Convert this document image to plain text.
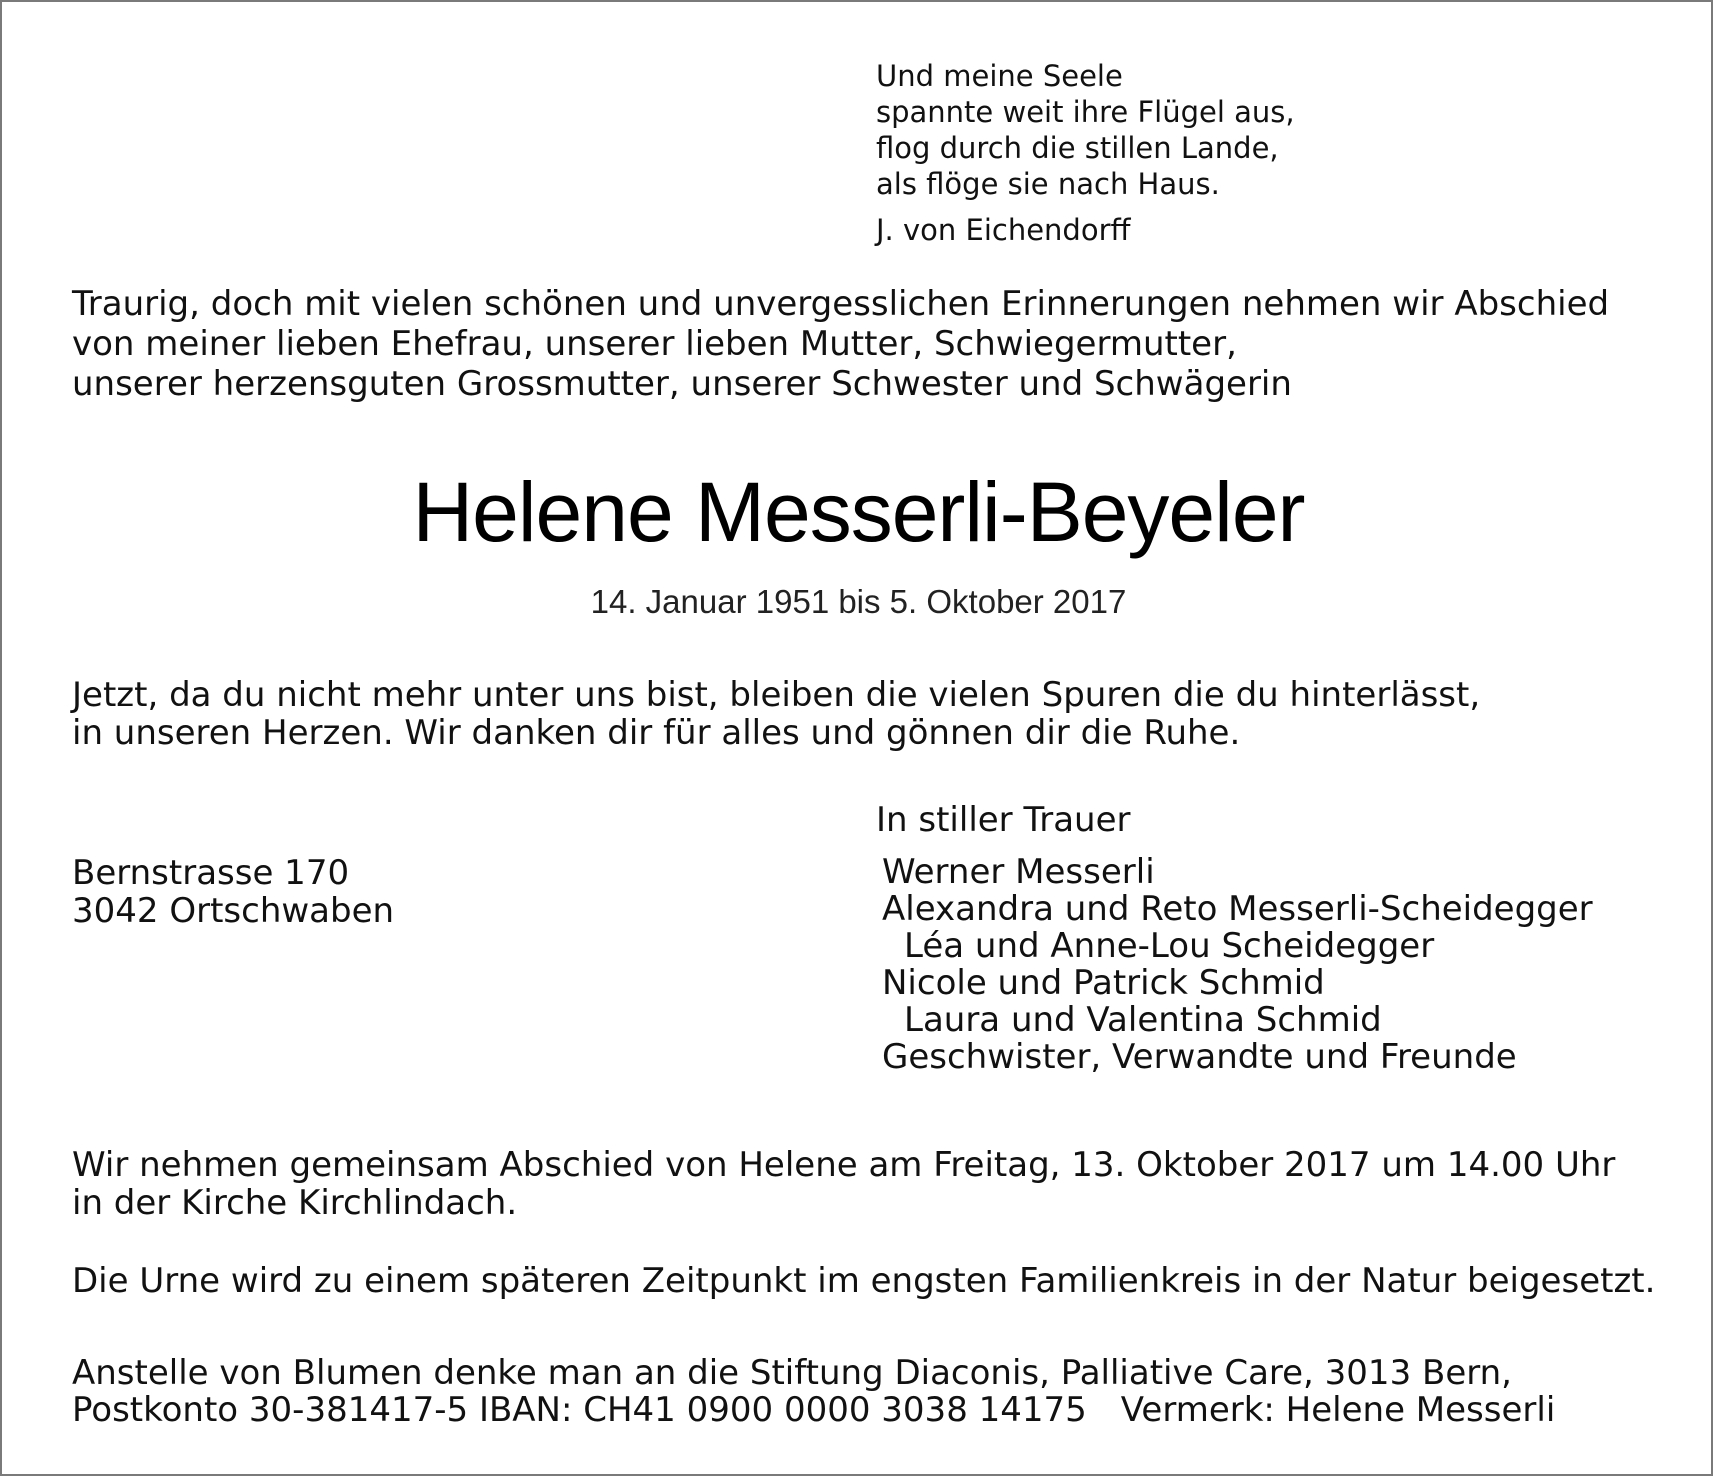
Und meine Seele
spannte weit ihre Flügel aus,
flog durch die stillen Lande,
als flöge sie nach Haus.
J. von Eichendorff
Traurig, doch mit vielen schönen und unvergesslichen Erinnerungen nehmen wir Abschied
von meiner lieben Ehefrau, unserer lieben Mutter, Schwiegermutter,
unserer herzensguten Grossmutter, unserer Schwester und Schwägerin
Helene Messerli-Beyeler
14. Januar 1951 bis 5. Oktober 2017
Jetzt, da du nicht mehr unter uns bist, bleiben die vielen Spuren die du hinterlässt,
in unseren Herzen. Wir danken dir für alles und gönnen dir die Ruhe.
In stiller Trauer
Bernstrasse 170
3042 Ortschwaben
Werner Messerli
Alexandra und Reto Messerli-Scheidegger
Léa und Anne-Lou Scheidegger
Nicole und Patrick Schmid
Laura und Valentina Schmid
Geschwister, Verwandte und Freunde
Wir nehmen gemeinsam Abschied von Helene am Freitag, 13. Oktober 2017 um 14.00 Uhr
in der Kirche Kirchlindach.
Die Urne wird zu einem späteren Zeitpunkt im engsten Familienkreis in der Natur beigesetzt.
Anstelle von Blumen denke man an die Stiftung Diaconis, Palliative Care, 3013 Bern,
Postkonto 30-381417-5 IBAN: CH41 0900 0000 3038 14175 Vermerk: Helene Messerli
